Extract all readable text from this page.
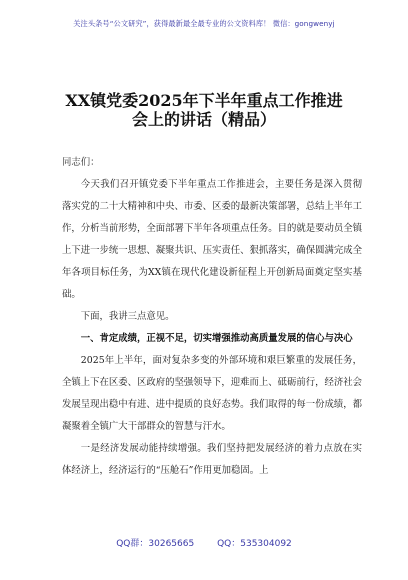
关注头条号“公文研究”，获得最新最全最专业的公文资料库！ 微信：gongwenyj
XX镇党委2025年下半年重点工作推进
会上的讲话（精品）

同志们：

今天我们召开镇党委下半年重点工作推进会，主要任务是深入贯彻落实党的二十大精神和中央、市委、区委的最新决策部署，总结上半年工作，分析当前形势，全面部署下半年各项重点任务。目的就是要动员全镇上下进一步统一思想、凝聚共识、压实责任、狠抓落实，确保圆满完成全年各项目标任务，为XX镇在现代化建设新征程上开创新局面奠定坚实基础。

下面，我讲三点意见。

一、肯定成绩，正视不足，切实增强推动高质量发展的信心与决心

2025年上半年，面对复杂多变的外部环境和艰巨繁重的发展任务，全镇上下在区委、区政府的坚强领导下，迎难而上、砥砺前行，经济社会发展呈现出稳中有进、进中提质的良好态势。我们取得的每一份成绩，都凝聚着全镇广大干部群众的智慧与汗水。

一是经济发展动能持续增强。我们坚持把发展经济的着力点放在实体经济上，经济运行的“压舱石”作用更加稳固。上

QQ群：30265665	QQ：535304092
